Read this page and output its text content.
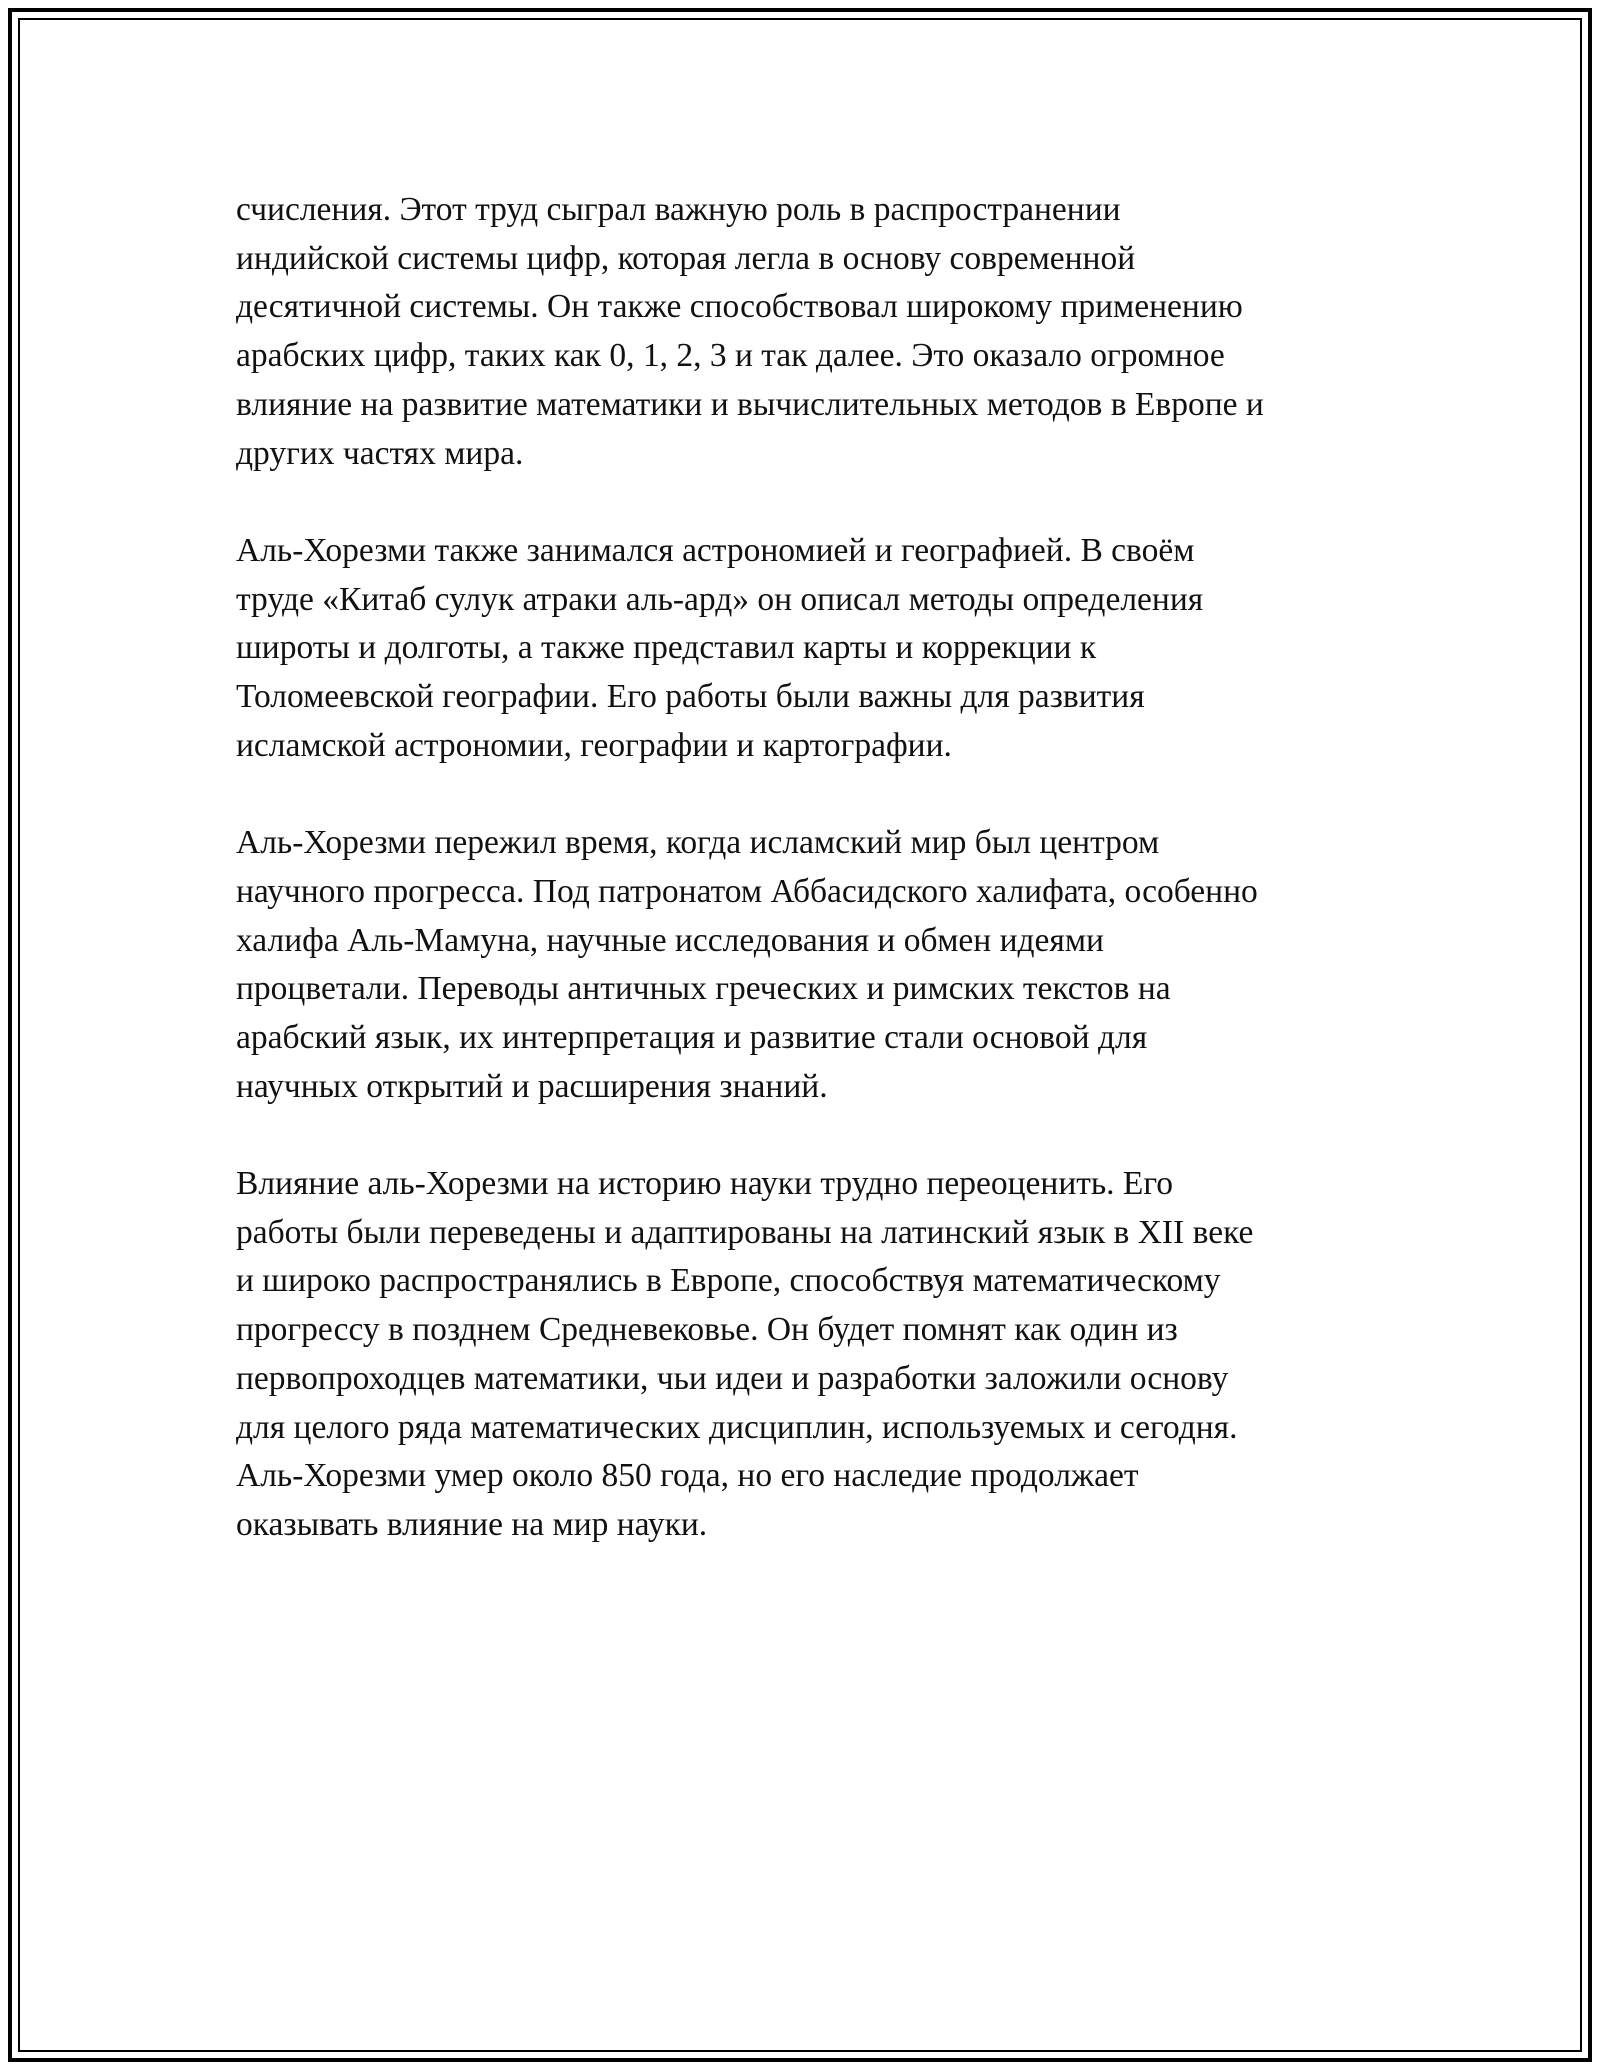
счисления. Этот труд сыграл важную роль в распространении
индийской системы цифр, которая легла в основу современной
десятичной системы. Он также способствовал широкому применению
арабских цифр, таких как 0, 1, 2, 3 и так далее. Это оказало огромное
влияние на развитие математики и вычислительных методов в Европе и
других частях мира.

Аль-Хорезми также занимался астрономией и географией. В своём
труде «Китаб сулук атраки аль-ард» он описал методы определения
широты и долготы, а также представил карты и коррекции к
Толомеевской географии. Его работы были важны для развития
исламской астрономии, географии и картографии.

Аль-Хорезми пережил время, когда исламский мир был центром
научного прогресса. Под патронатом Аббасидского халифата, особенно
халифа Аль-Мамуна, научные исследования и обмен идеями
процветали. Переводы античных греческих и римских текстов на
арабский язык, их интерпретация и развитие стали основой для
научных открытий и расширения знаний.

Влияние аль-Хорезми на историю науки трудно переоценить. Его
работы были переведены и адаптированы на латинский язык в XII веке
и широко распространялись в Европе, способствуя математическому
прогрессу в позднем Средневековье. Он будет помнят как один из
первопроходцев математики, чьи идеи и разработки заложили основу
для целого ряда математических дисциплин, используемых и сегодня.
Аль-Хорезми умер около 850 года, но его наследие продолжает
оказывать влияние на мир науки.
